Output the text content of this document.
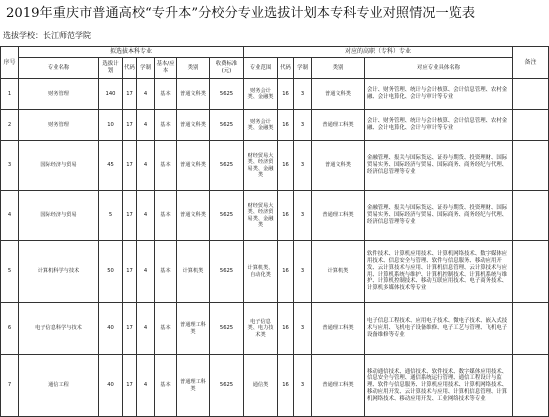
2019年重庆市普通高校“专升本”分校分专业选拔计划本专科专业对照情况一览表
选拔学校：长江师范学院
序号	拟选拔本科专业							对应的高职（专科）专业					备注
	专业名称	选拔计划	代码	学制	基本/应本	类别	收费标准(元)	专业范围	代码	学制	类别	对应专业具体名称	
1	财务管理	140	17	4	基本	普通文科类	5625	财务会计类、金融类	16	3	普通文科类	会计、财务管理、统计与会计核算、会计信息管理、农村金融、会计电算化、会计与审计等专业	
2	财务管理	10	17	4	基本	普通文科类	5625	财务会计类、金融类	16	3	普通理工科类	会计、财务管理、统计与会计核算、会计信息管理、农村金融、会计电算化、会计与审计等专业	
3	国际经济与贸易	45	17	4	基本	普通文科类	5625	财经贸易大类、经济贸易类、金融类	16	3	普通文科类	金融管理、报关与国际货运、证券与期货、投资理财、国际贸易实务、国际经济与贸易、国际商务、商务经纪与代理、经济信息管理等专业	
4	国际经济与贸易	5	17	4	基本	普通文科类	5625	财经贸易大类、经济贸易类、金融类	16	3	普通理工科类	金融管理、报关与国际货运、证券与期货、投资理财、国际贸易实务、国际经济与贸易、国际商务、商务经纪与代理、经济信息管理等专业	
5	计算机科学与技术	50	17	4	基本	计算机类	5625	计算机类、自动化类	16	3	计算机类	软件技术、计算机应用技术、计算机网络技术、数字媒体应用技术、信息安全与管理、软件与信息服务、移动应用开发、云计算技术与应用、计算机信息管理、云计算技术与应用、计算机系统与维护、计算机控制技术、计算机系统与维护、计算机控制技术、移动互联应用技术、电子商务技术、计算机多媒体技术等专业	
6	电子信息科学与技术	40	17	4	基本	普通理工科类	5625	电子信息类、电力技术类	16	3	普通理工科类	电子信息工程技术、应用电子技术、微电子技术、嵌入式技术与应用、飞机电子设备维修、电子工艺与管理、飞机电子设备维修等专业	
7	通信工程	40	17	4	基本	普通理工科类	5625	通信类	16	3	普通理工科类	移动通信技术、通信技术、软件技术、数字媒体应用技术、信息安全与管理、通信系统运行管理、通信工程设计与监理、软件与信息服务、计算机应用技术、计算机网络技术、移动应用开发、云计算技术与应用、计算机信息管理、计算机网络技术、移动应用开发、工业网络技术等专业	
